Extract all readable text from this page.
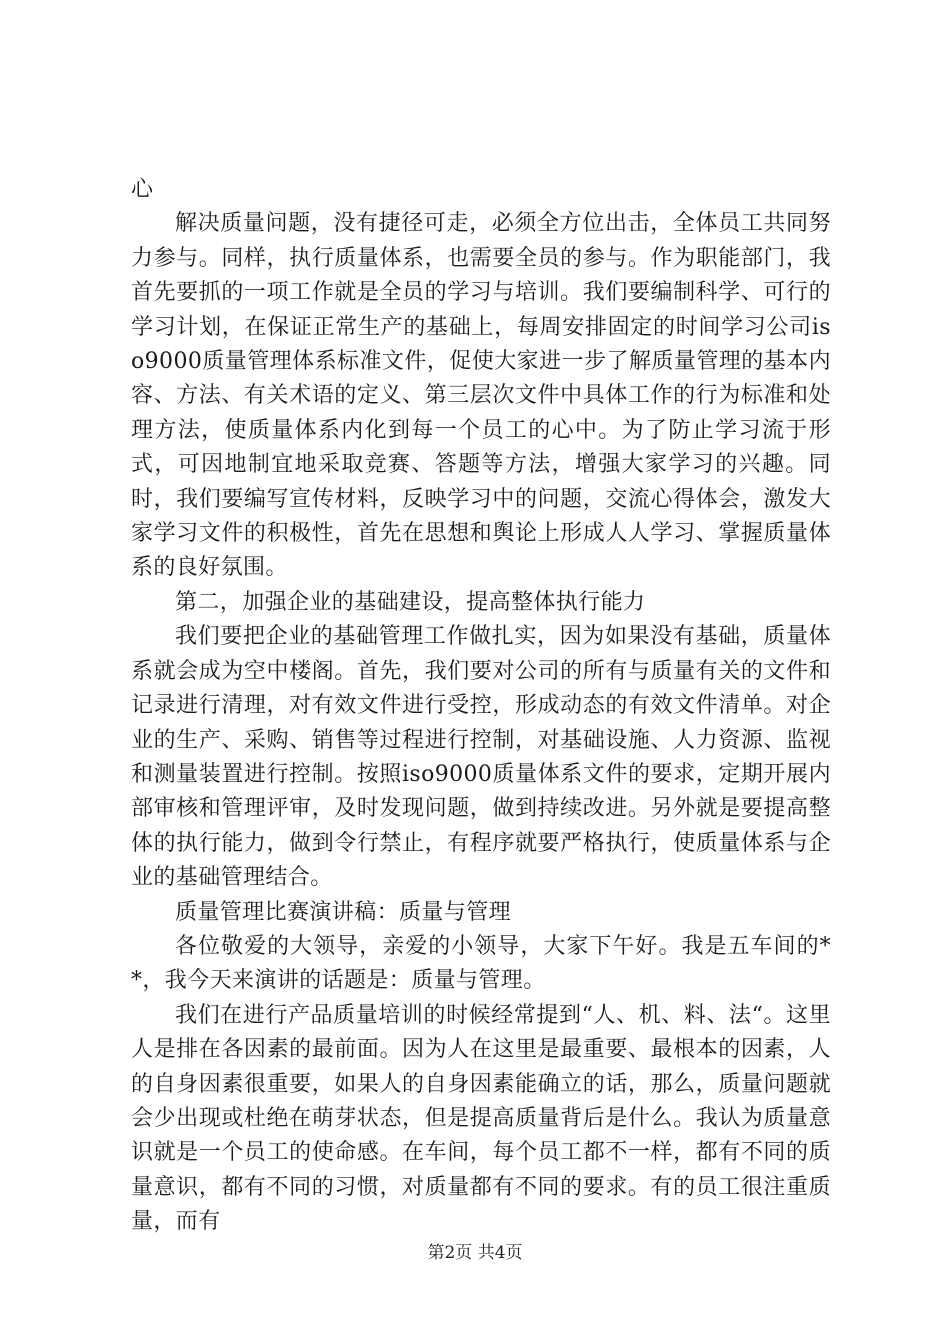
心

解决质量问题，没有捷径可走，必须全方位出击，全体员工共同努力参与。同样，执行质量体系，也需要全员的参与。作为职能部门，我首先要抓的一项工作就是全员的学习与培训。我们要编制科学、可行的学习计划，在保证正常生产的基础上，每周安排固定的时间学习公司iso9000质量管理体系标准文件，促使大家进一步了解质量管理的基本内容、方法、有关术语的定义、第三层次文件中具体工作的行为标准和处理方法，使质量体系内化到每一个员工的心中。为了防止学习流于形式，可因地制宜地采取竞赛、答题等方法，增强大家学习的兴趣。同时，我们要编写宣传材料，反映学习中的问题，交流心得体会，激发大家学习文件的积极性，首先在思想和舆论上形成人人学习、掌握质量体系的良好氛围。

第二，加强企业的基础建设，提高整体执行能力

我们要把企业的基础管理工作做扎实，因为如果没有基础，质量体系就会成为空中楼阁。首先，我们要对公司的所有与质量有关的文件和记录进行清理，对有效文件进行受控，形成动态的有效文件清单。对企业的生产、采购、销售等过程进行控制，对基础设施、人力资源、监视和测量装置进行控制。按照iso9000质量体系文件的要求，定期开展内部审核和管理评审，及时发现问题，做到持续改进。另外就是要提高整体的执行能力，做到令行禁止，有程序就要严格执行，使质量体系与企业的基础管理结合。

质量管理比赛演讲稿：质量与管理

各位敬爱的大领导，亲爱的小领导，大家下午好。我是五车间的**，我今天来演讲的话题是：质量与管理。

我们在进行产品质量培训的时候经常提到“人、机、料、法“。这里人是排在各因素的最前面。因为人在这里是最重要、最根本的因素，人的自身因素很重要，如果人的自身因素能确立的话，那么，质量问题就会少出现或杜绝在萌芽状态，但是提高质量背后是什么。我认为质量意识就是一个员工的使命感。在车间，每个员工都不一样，都有不同的质量意识，都有不同的习惯，对质量都有不同的要求。有的员工很注重质量，而有

第2页 共4页
